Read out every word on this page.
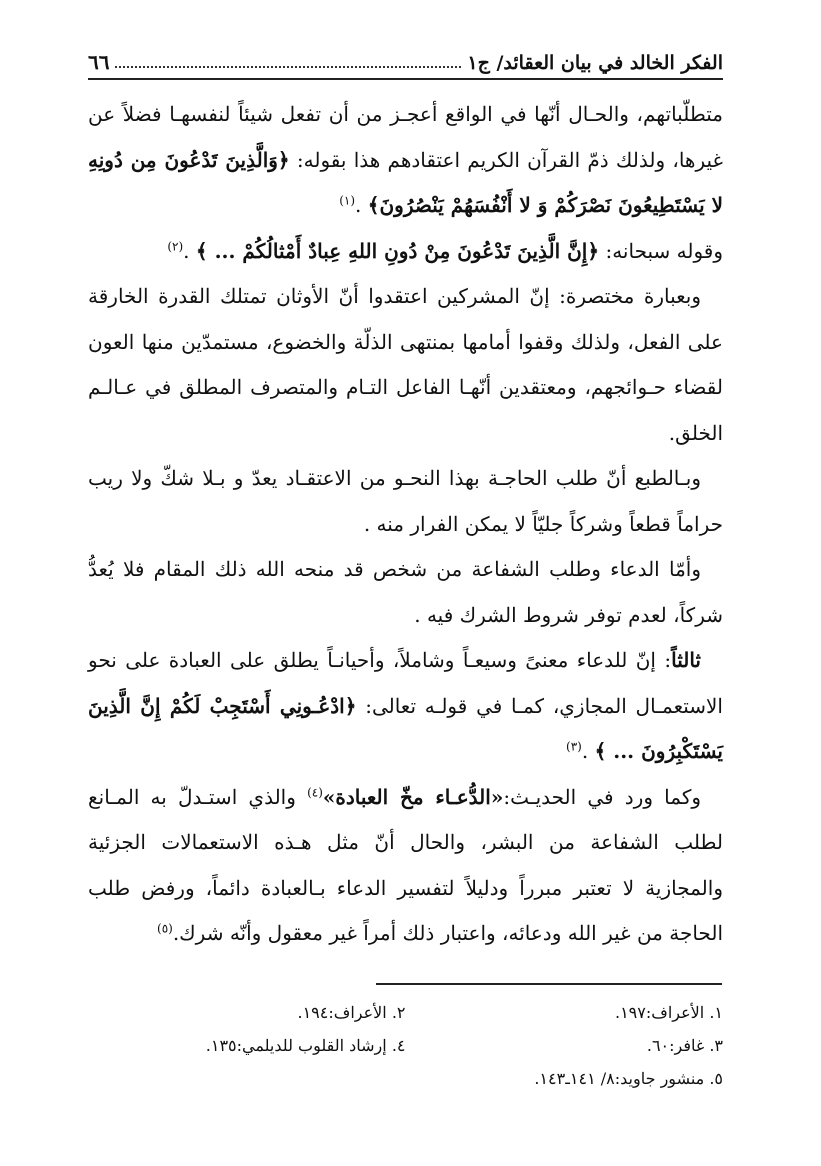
الفكر الخالد في بيان العقائد/ ج١
٦٦

متطلّباتهم، والحـال أنّها في الواقع أعجـز من أن تفعل شيئاً لنفسهـا فضلاً عن غيرها، ولذلك ذمّ القرآن الكريم اعتقادهم هذا بقوله: ﴿وَالَّذِينَ تَدْعُونَ مِن دُونِهِ لا يَسْتَطِيعُونَ نَصْرَكُمْ وَ لا أَنْفُسَهُمْ يَنْصُرُونَ﴾ .$^{(١)}$

وقوله سبحانه: ﴿إِنَّ الَّذِينَ تَدْعُونَ مِنْ دُونِ اللهِ عِبادٌ أَمْثالُكُمْ ... ﴾ .$^{(٢)}$

وبعبارة مختصرة: إنّ المشركين اعتقدوا أنّ الأوثان تمتلك القدرة الخارقة على الفعل، ولذلك وقفوا أمامها بمنتهى الذلّة والخضوع، مستمدّين منها العون لقضاء حـوائجهم، ومعتقدين أنّهـا الفاعل التـام والمتصرف المطلق في عـالـم الخلق.

وبـالطبع أنّ طلب الحاجـة بهذا النحـو من الاعتقـاد يعدّ و بـلا شكّ ولا ريب حراماً قطعاً وشركاً جليّاً لا يمكن الفرار منه .

وأمّا الدعاء وطلب الشفاعة من شخص قد منحه الله ذلك المقام فلا يُعدُّ شركاً، لعدم توفر شروط الشرك فيه .

ثالثاً: إنّ للدعاء معنىً وسيعـاً وشاملاً، وأحيانـاً يطلق على العبادة على نحو الاستعمـال المجازي، كمـا في قولـه تعالى: ﴿ادْعُـونِي أَسْتَجِبْ لَكُمْ إِنَّ الَّذِينَ يَسْتَكْبِرُونَ ... ﴾ .$^{(٣)}$

وكما ورد في الحديـث:«الدُّعـاء مخّ العبادة»$^{(٤)}$ والذي استـدلّ به المـانع لطلب الشفاعة من البشر، والحال أنّ مثل هـذه الاستعمالات الجزئية والمجازية لا تعتبر مبرراً ودليلاً لتفسير الدعاء بـالعبادة دائماً، ورفض طلب الحاجة من غير الله ودعائه، واعتبار ذلك أمراً غير معقول وأنّه شرك.$^{(٥)}$

١. الأعراف:١٩٧.
٢. الأعراف:١٩٤.
٣. غافر:٦٠.
٤. إرشاد القلوب للديلمي:١٣٥.
٥. منشور جاويد:٨/ ١٤١ـ١٤٣.
